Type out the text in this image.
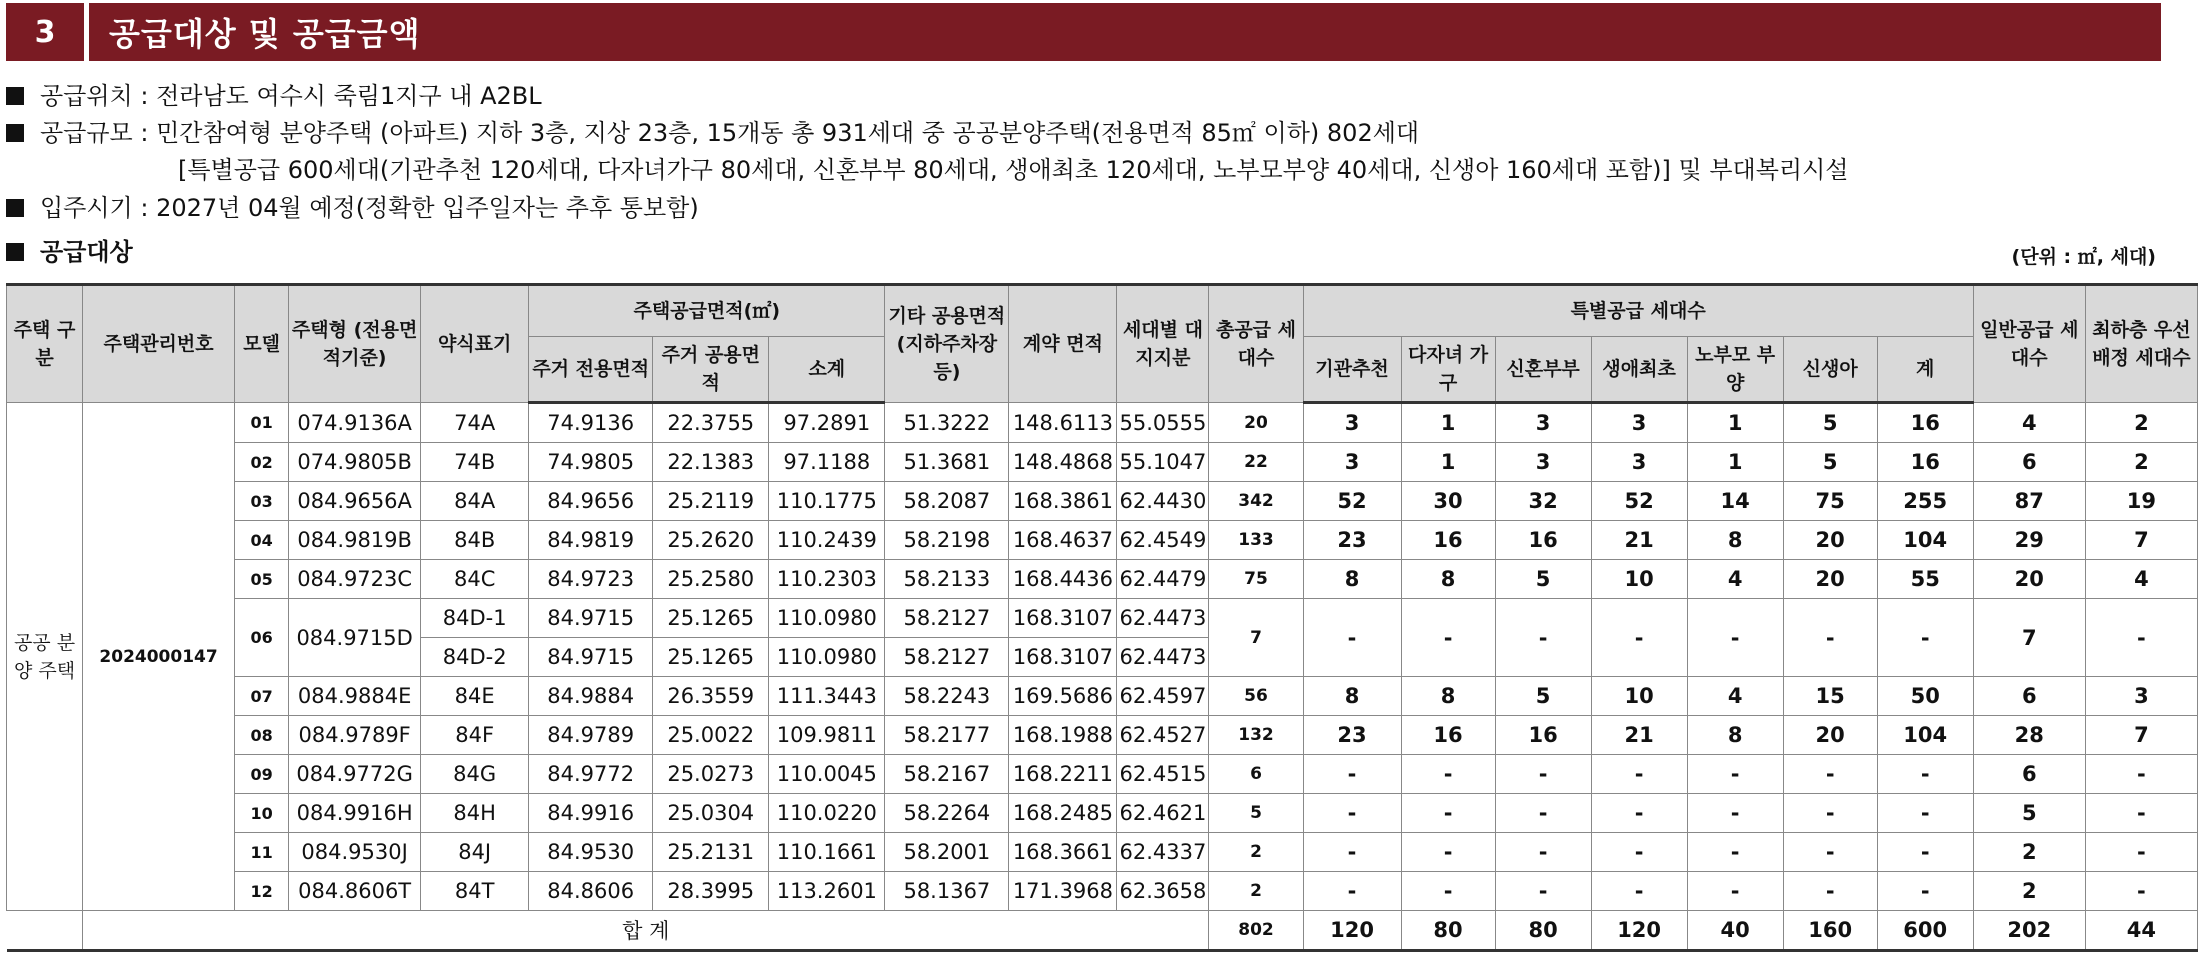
3	공급대상 및 공급금액
공급위치 : 전라남도 여수시 죽림1지구 내 A2BL
공급규모 : 민간참여형 분양주택 (아파트) 지하 3층, 지상 23층, 15개동 총 931세대 중 공공분양주택(전용면적 85㎡ 이하) 802세대
[특별공급 600세대(기관추천 120세대, 다자녀가구 80세대, 신혼부부 80세대, 생애최초 120세대, 노부모부양 40세대, 신생아 160세대 포함)] 및 부대복리시설
입주시기 : 2027년 04월 예정(정확한 입주일자는 추후 통보함)
공급대상	(단위 : ㎡, 세대)
주택 구분	주택관리번호	모델	주택형 (전용면적기준)	약식표기	주택공급면적(㎡)			기타 공용면적 (지하주차장등)	계약 면적	세대별 대지지분	총공급 세대수	특별공급 세대수							일반공급 세대수	최하층 우선배정 세대수
					주거 전용면적	주거 공용면적	소계					기관추천	다자녀 가구	신혼부부	생애최초	노부모 부양	신생아	계		
공공 분양 주택	2024000147	01	074.9136A	74A	74.9136	22.3755	97.2891	51.3222	148.6113	55.0555	20	3	1	3	3	1	5	16	4	2
		02	074.9805B	74B	74.9805	22.1383	97.1188	51.3681	148.4868	55.1047	22	3	1	3	3	1	5	16	6	2
		03	084.9656A	84A	84.9656	25.2119	110.1775	58.2087	168.3861	62.4430	342	52	30	32	52	14	75	255	87	19
		04	084.9819B	84B	84.9819	25.2620	110.2439	58.2198	168.4637	62.4549	133	23	16	16	21	8	20	104	29	7
		05	084.9723C	84C	84.9723	25.2580	110.2303	58.2133	168.4436	62.4479	75	8	8	5	10	4	20	55	20	4
		06	084.9715D	84D-1	84.9715	25.1265	110.0980	58.2127	168.3107	62.4473	7	-	-	-	-	-	-	-	7	-
				84D-2	84.9715	25.1265	110.0980	58.2127	168.3107	62.4473										
		07	084.9884E	84E	84.9884	26.3559	111.3443	58.2243	169.5686	62.4597	56	8	8	5	10	4	15	50	6	3
		08	084.9789F	84F	84.9789	25.0022	109.9811	58.2177	168.1988	62.4527	132	23	16	16	21	8	20	104	28	7
		09	084.9772G	84G	84.9772	25.0273	110.0045	58.2167	168.2211	62.4515	6	-	-	-	-	-	-	-	6	-
		10	084.9916H	84H	84.9916	25.0304	110.0220	58.2264	168.2485	62.4621	5	-	-	-	-	-	-	-	5	-
		11	084.9530J	84J	84.9530	25.2131	110.1661	58.2001	168.3661	62.4337	2	-	-	-	-	-	-	-	2	-
		12	084.8606T	84T	84.8606	28.3995	113.2601	58.1367	171.3968	62.3658	2	-	-	-	-	-	-	-	2	-
	합 계										802	120	80	80	120	40	160	600	202	44
